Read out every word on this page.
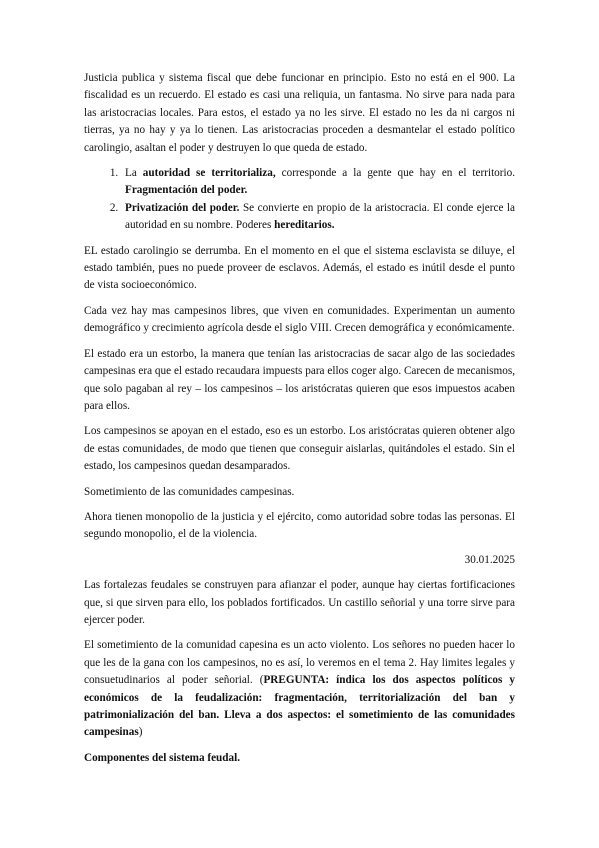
Justicia publica y sistema fiscal que debe funcionar en principio. Esto no está en el 900. La fiscalidad es un recuerdo. El estado es casi una reliquia, un fantasma. No sirve para nada para las aristocracias locales. Para estos, el estado ya no les sirve. El estado no les da ni cargos ni tierras, ya no hay y ya lo tienen. Las aristocracias proceden a desmantelar el estado político carolingio, asaltan el poder y destruyen lo que queda de estado.

1. La autoridad se territorializa, corresponde a la gente que hay en el territorio. Fragmentación del poder.
2. Privatización del poder. Se convierte en propio de la aristocracia. El conde ejerce la autoridad en su nombre. Poderes hereditarios.

EL estado carolingio se derrumba. En el momento en el que el sistema esclavista se diluye, el estado también, pues no puede proveer de esclavos. Además, el estado es inútil desde el punto de vista socioeconómico.

Cada vez hay mas campesinos libres, que viven en comunidades. Experimentan un aumento demográfico y crecimiento agrícola desde el siglo VIII. Crecen demográfica y económicamente.

El estado era un estorbo, la manera que tenían las aristocracias de sacar algo de las sociedades campesinas era que el estado recaudara impuests para ellos coger algo. Carecen de mecanismos, que solo pagaban al rey – los campesinos – los aristócratas quieren que esos impuestos acaben para ellos.

Los campesinos se apoyan en el estado, eso es un estorbo. Los aristócratas quieren obtener algo de estas comunidades, de modo que tienen que conseguir aislarlas, quitándoles el estado. Sin el estado, los campesinos quedan desamparados.

Sometimiento de las comunidades campesinas.

Ahora tienen monopolio de la justicia y el ejército, como autoridad sobre todas las personas. El segundo monopolio, el de la violencia.

30.01.2025

Las fortalezas feudales se construyen para afianzar el poder, aunque hay ciertas fortificaciones que, si que sirven para ello, los poblados fortificados. Un castillo señorial y una torre sirve para ejercer poder.

El sometimiento de la comunidad capesina es un acto violento. Los señores no pueden hacer lo que les de la gana con los campesinos, no es así, lo veremos en el tema 2. Hay limites legales y consuetudinarios al poder señorial. (PREGUNTA: índica los dos aspectos políticos y económicos de la feudalización: fragmentación, territorialización del ban y patrimonialización del ban. Lleva a dos aspectos: el sometimiento de las comunidades campesinas)

Componentes del sistema feudal.
